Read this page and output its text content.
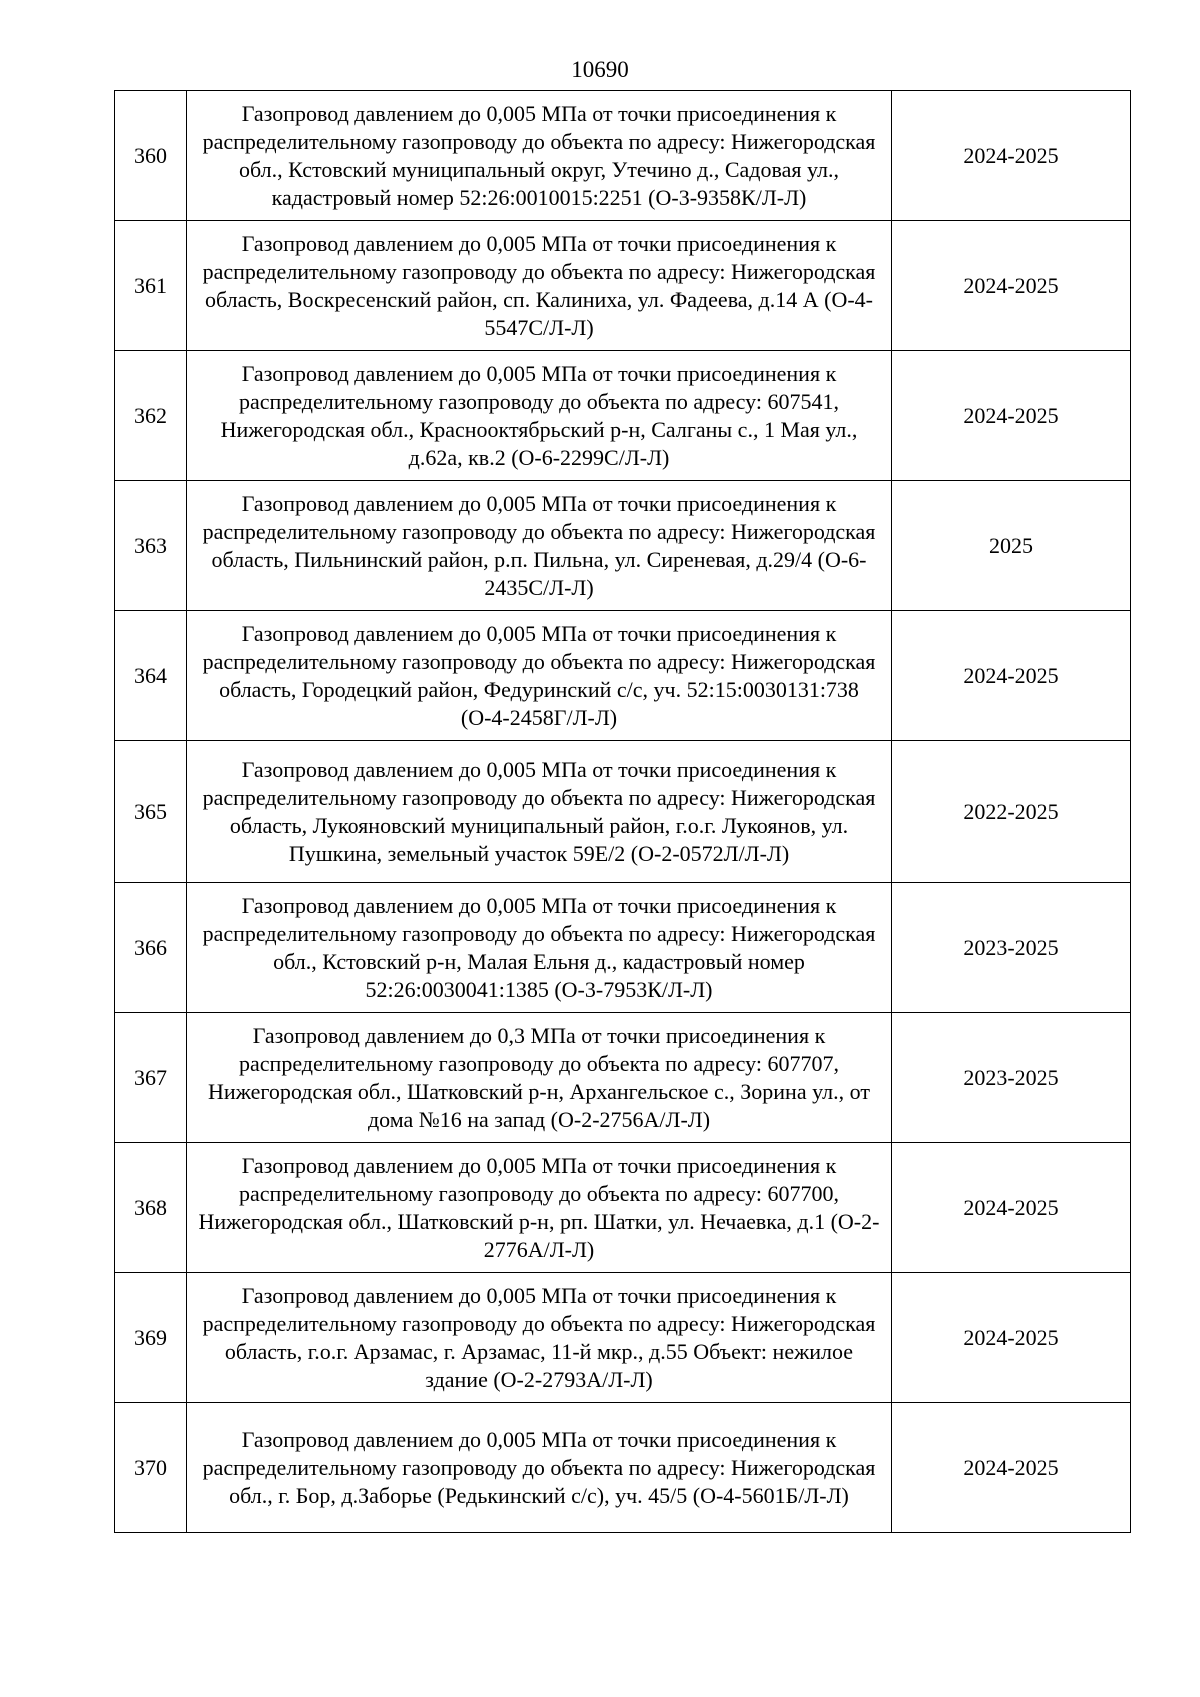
10690
360	Газопровод давлением до 0,005 МПа от точки присоединения к распределительному газопроводу до объекта по адресу: Нижегородская обл., Кстовский муниципальный округ, Утечино д., Садовая ул., кадастровый номер 52:26:0010015:2251 (О-3-9358К/Л-Л)	2024-2025
361	Газопровод давлением до 0,005 МПа от точки присоединения к распределительному газопроводу до объекта по адресу: Нижегородская область, Воскресенский район, сп. Калиниха, ул. Фадеева, д.14 А (О-4-5547С/Л-Л)	2024-2025
362	Газопровод давлением до 0,005 МПа от точки присоединения к распределительному газопроводу до объекта по адресу: 607541, Нижегородская обл., Краснооктябрьский р-н, Салганы с., 1 Мая ул., д.62а, кв.2 (О-6-2299С/Л-Л)	2024-2025
363	Газопровод давлением до 0,005 МПа от точки присоединения к распределительному газопроводу до объекта по адресу: Нижегородская область, Пильнинский район, р.п. Пильна, ул. Сиреневая, д.29/4 (О-6-2435С/Л-Л)	2025
364	Газопровод давлением до 0,005 МПа от точки присоединения к распределительному газопроводу до объекта по адресу: Нижегородская область, Городецкий район, Федуринский с/с, уч. 52:15:0030131:738 (О-4-2458Г/Л-Л)	2024-2025
365	Газопровод давлением до 0,005 МПа от точки присоединения к распределительному газопроводу до объекта по адресу: Нижегородская область, Лукояновский муниципальный район, г.о.г. Лукоянов, ул. Пушкина, земельный участок 59Е/2 (О-2-0572Л/Л-Л)	2022-2025
366	Газопровод давлением до 0,005 МПа от точки присоединения к распределительному газопроводу до объекта по адресу: Нижегородская обл., Кстовский р-н, Малая Ельня д., кадастровый номер 52:26:0030041:1385 (О-3-7953К/Л-Л)	2023-2025
367	Газопровод давлением до 0,3 МПа от точки присоединения к распределительному газопроводу до объекта по адресу: 607707, Нижегородская обл., Шатковский р-н, Архангельское с., Зорина ул., от дома №16 на запад (О-2-2756А/Л-Л)	2023-2025
368	Газопровод давлением до 0,005 МПа от точки присоединения к распределительному газопроводу до объекта по адресу: 607700, Нижегородская обл., Шатковский р-н, рп. Шатки, ул. Нечаевка, д.1 (О-2-2776А/Л-Л)	2024-2025
369	Газопровод давлением до 0,005 МПа от точки присоединения к распределительному газопроводу до объекта по адресу: Нижегородская область, г.о.г. Арзамас, г. Арзамас, 11-й мкр., д.55 Объект: нежилое здание (О-2-2793А/Л-Л)	2024-2025
370	Газопровод давлением до 0,005 МПа от точки присоединения к распределительному газопроводу до объекта по адресу: Нижегородская обл., г. Бор, д.Заборье (Редькинский с/с), уч. 45/5 (О-4-5601Б/Л-Л)	2024-2025
